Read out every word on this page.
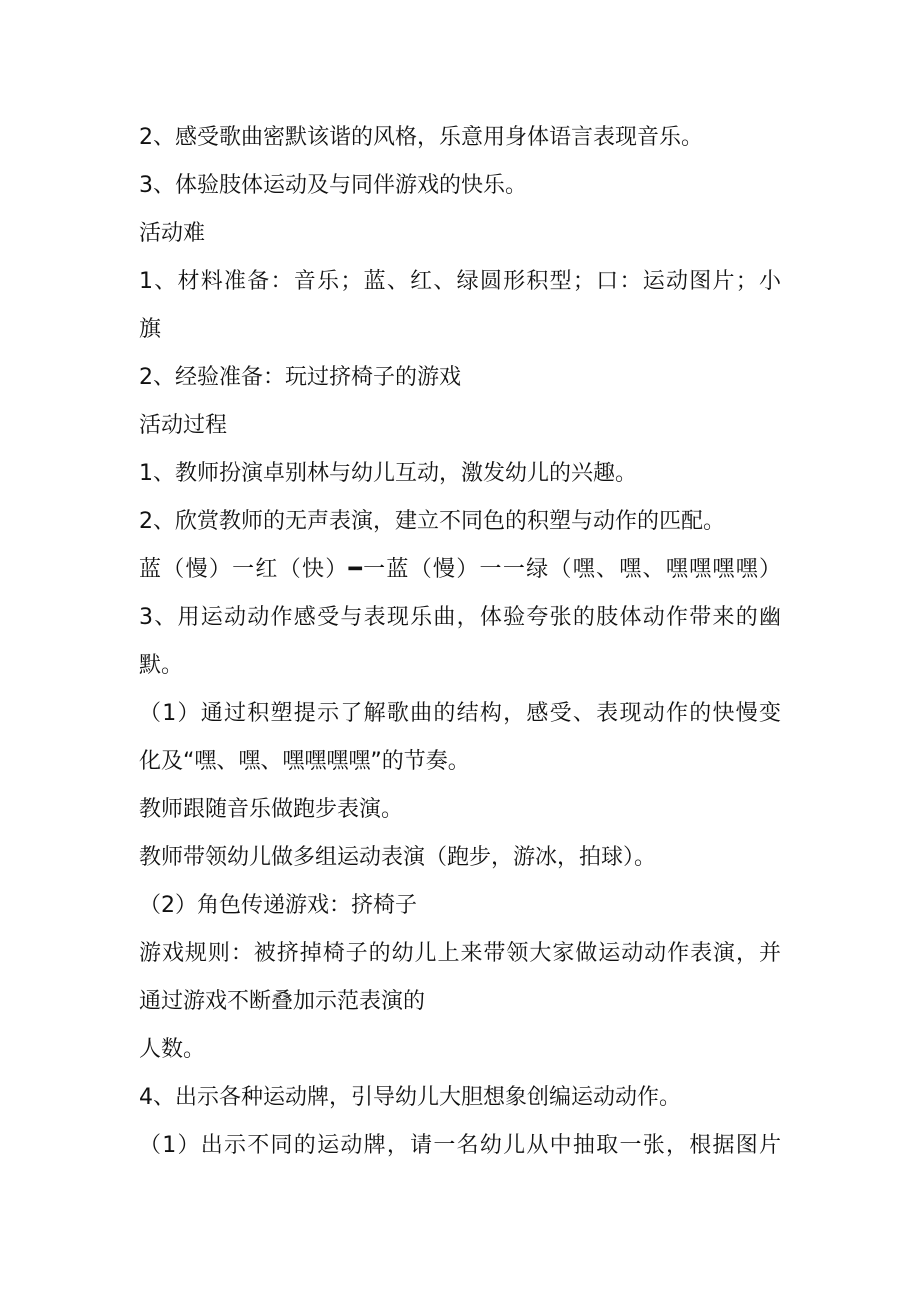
2、感受歌曲密默该谐的风格，乐意用身体语言表现音乐。
3、体验肢体运动及与同伴游戏的快乐。
活动难
1、材料准备：音乐；蓝、红、绿圆形积型；口：运动图片；小
旗
2、经验准备：玩过挤椅子的游戏
活动过程
1、教师扮演卓别林与幼儿互动，激发幼儿的兴趣。
2、欣赏教师的无声表演，建立不同色的积塑与动作的匹配。
蓝（慢）一红（快）━一蓝（慢）一一绿（嘿、嘿、嘿嘿嘿嘿）
3、用运动动作感受与表现乐曲，体验夸张的肢体动作带来的幽
默。
（1）通过积塑提示了解歌曲的结构，感受、表现动作的快慢变
化及“嘿、嘿、嘿嘿嘿嘿”的节奏。
教师跟随音乐做跑步表演。
教师带领幼儿做多组运动表演（跑步，游冰，拍球）。
（2）角色传递游戏：挤椅子
游戏规则：被挤掉椅子的幼儿上来带领大家做运动动作表演，并
通过游戏不断叠加示范表演的
人数。
4、出示各种运动牌，引导幼儿大胆想象创编运动动作。
（1）出示不同的运动牌，请一名幼儿从中抽取一张，根据图片
